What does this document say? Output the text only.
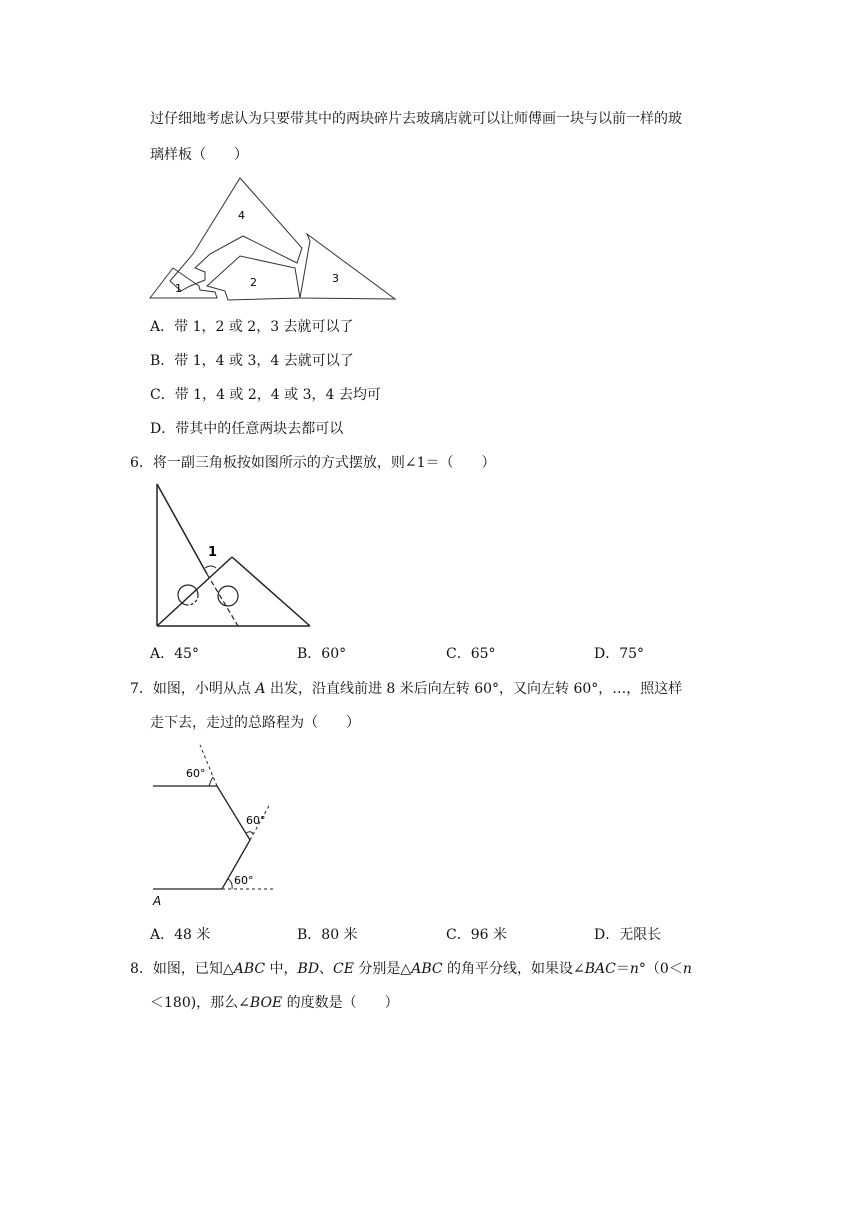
过仔细地考虑认为只要带其中的两块碎片去玻璃店就可以让师傅画一块与以前一样的玻
璃样板（　　）
1	2	3
4
A．带 1，2 或 2，3 去就可以了
B．带 1，4 或 3，4 去就可以了
C．带 1，4 或 2，4 或 3，4 去均可
D．带其中的任意两块去都可以
6．将一副三角板按如图所示的方式摆放，则∠1＝（　　）
1
A．45°	B．60°	C．65°	D．75°
7．如图，小明从点 A 出发，沿直线前进 8 米后向左转 60°，又向左转 60°，…，照这样
走下去，走过的总路程为（　　）
60°
60°
60°
A
A．48 米	B．80 米	C．96 米	D．无限长
8．如图，已知△ABC 中，BD、CE 分别是△ABC 的角平分线，如果设∠BAC＝n°（0＜n
＜180)，那么∠BOE 的度数是（　　）
